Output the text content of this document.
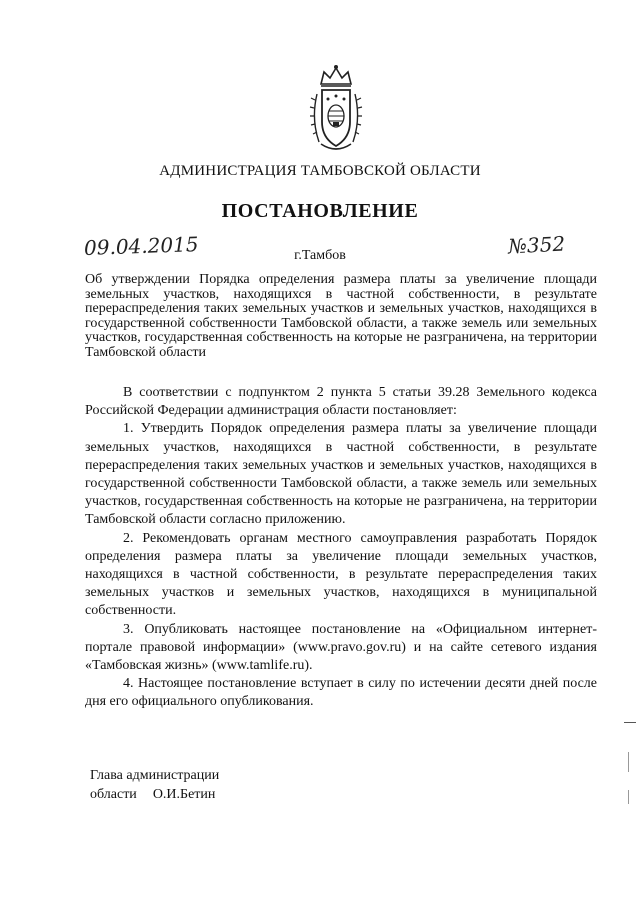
АДМИНИСТРАЦИЯ ТАМБОВСКОЙ ОБЛАСТИ
ПОСТАНОВЛЕНИЕ
09.04.2015	г.Тамбов	№352
Об утверждении Порядка определения размера платы за увеличение площади земельных участков, находящихся в частной собственности, в результате перераспределения таких земельных участков и земельных участков, находящихся в государственной собственности Тамбовской области, а также земель или земельных участков, государственная собственность на которые не разграничена, на территории Тамбовской области

В соответствии с подпунктом 2 пункта 5 статьи 39.28 Земельного кодекса Российской Федерации администрация области постановляет:

1. Утвердить Порядок определения размера платы за увеличение площади земельных участков, находящихся в частной собственности, в результате перераспределения таких земельных участков и земельных участков, находящихся в государственной собственности Тамбовской области, а также земель или земельных участков, государственная собственность на которые не разграничена, на территории Тамбовской области согласно приложению.

2. Рекомендовать органам местного самоуправления разработать Порядок определения размера платы за увеличение площади земельных участков, находящихся в частной собственности, в результате перераспределения таких земельных участков и земельных участков, находящихся в муниципальной собственности.

3. Опубликовать настоящее постановление на «Официальном интернет-портале правовой информации» (www.pravo.gov.ru) и на сайте сетевого издания «Тамбовская жизнь» (www.tamlife.ru).

4. Настоящее постановление вступает в силу по истечении десяти дней после дня его официального опубликования.

Глава администрации
области О.И.Бетин
